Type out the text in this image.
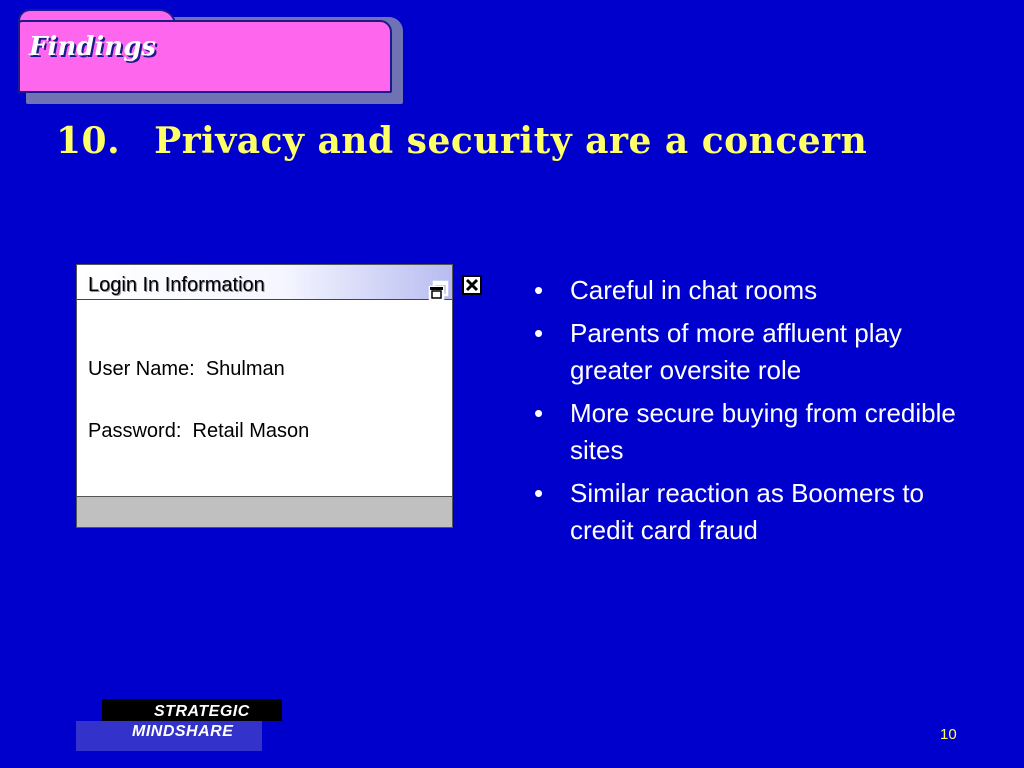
Findings
10. Privacy and security are a concern
Login In Information
User Name: Shulman
Password: Retail Mason
• Careful in chat rooms
• Parents of more affluent play greater oversite role
• More secure buying from credible sites
• Similar reaction as Boomers to credit card fraud
STRATEGIC
MINDSHARE	10
